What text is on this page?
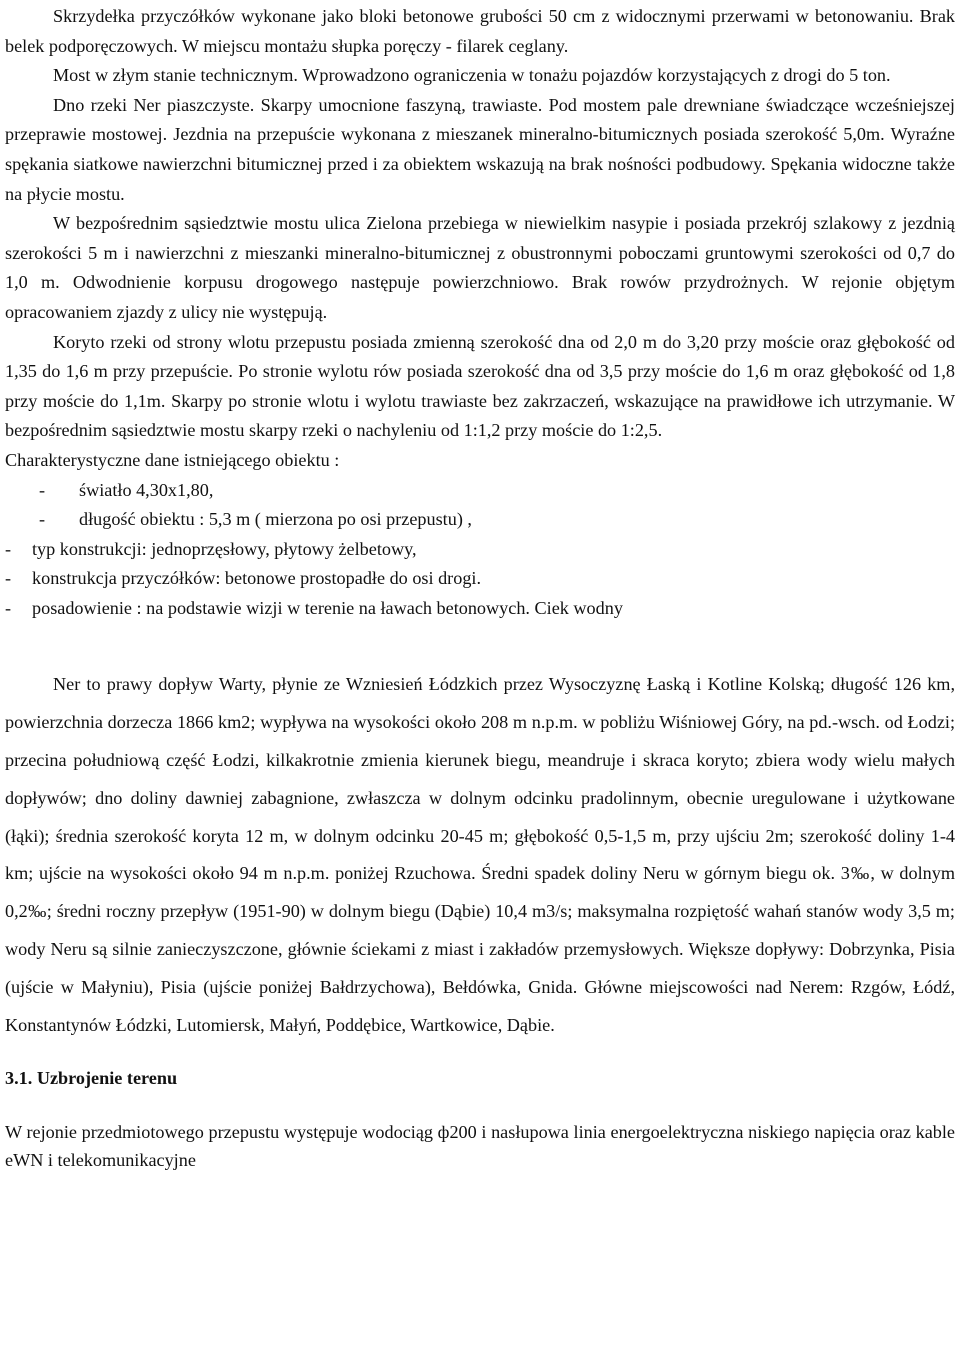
Skrzydełka przyczółków wykonane jako bloki betonowe grubości 50 cm z widocznymi przerwami w betonowaniu. Brak belek podporęczowych. W miejscu montażu słupka poręczy - filarek ceglany.

Most w złym stanie technicznym. Wprowadzono ograniczenia w tonażu pojazdów korzystających z drogi do 5 ton.

Dno rzeki Ner piaszczyste. Skarpy umocnione faszyną, trawiaste. Pod mostem pale drewniane świadczące wcześniejszej przeprawie mostowej. Jezdnia na przepuście wykonana z mieszanek mineralno-bitumicznych posiada szerokość 5,0m. Wyraźne spękania siatkowe nawierzchni bitumicznej przed i za obiektem wskazują na brak nośności podbudowy. Spękania widoczne także na płycie mostu.

W bezpośrednim sąsiedztwie mostu ulica Zielona przebiega w niewielkim nasypie i posiada przekrój szlakowy z jezdnią szerokości 5 m i nawierzchni z mieszanki mineralno-bitumicznej z obustronnymi poboczami gruntowymi szerokości od 0,7 do 1,0 m. Odwodnienie korpusu drogowego następuje powierzchniowo. Brak rowów przydrożnych. W rejonie objętym opracowaniem zjazdy z ulicy nie występują.

Koryto rzeki od strony wlotu przepustu posiada zmienną szerokość dna od 2,0 m do 3,20 przy moście oraz głębokość od 1,35 do 1,6 m przy przepuście. Po stronie wylotu rów posiada szerokość dna od 3,5 przy moście do 1,6 m oraz głębokość od 1,8 przy moście do 1,1m. Skarpy po stronie wlotu i wylotu trawiaste bez zakrzaczeń, wskazujące na prawidłowe ich utrzymanie. W bezpośrednim sąsiedztwie mostu skarpy rzeki o nachyleniu od 1:1,2 przy moście do 1:2,5.

Charakterystyczne dane istniejącego obiektu :

- światło 4,30x1,80,
- długość obiektu : 5,3 m ( mierzona po osi przepustu) ,
- typ konstrukcji: jednoprzęsłowy, płytowy żelbetowy,
- konstrukcja przyczółków: betonowe prostopadłe do osi drogi.
- posadowienie : na podstawie wizji w terenie na ławach betonowych. Ciek wodny

Ner to prawy dopływ Warty, płynie ze Wzniesień Łódzkich przez Wysoczyznę Łaską i Kotline Kolską; długość 126 km, powierzchnia dorzecza 1866 km2; wypływa na wysokości około 208 m n.p.m. w pobliżu Wiśniowej Góry, na pd.-wsch. od Łodzi; przecina południową część Łodzi, kilkakrotnie zmienia kierunek biegu, meandruje i skraca koryto; zbiera wody wielu małych dopływów; dno doliny dawniej zabagnione, zwłaszcza w dolnym odcinku pradolinnym, obecnie uregulowane i użytkowane (łąki); średnia szerokość koryta 12 m, w dolnym odcinku 20-45 m; głębokość 0,5-1,5 m, przy ujściu 2m; szerokość doliny 1-4 km; ujście na wysokości około 94 m n.p.m. poniżej Rzuchowa. Średni spadek doliny Neru w górnym biegu ok. 3‰, w dolnym 0,2‰; średni roczny przepływ (1951-90) w dolnym biegu (Dąbie) 10,4 m3/s; maksymalna rozpiętość wahań stanów wody 3,5 m; wody Neru są silnie zanieczyszczone, głównie ściekami z miast i zakładów przemysłowych. Większe dopływy: Dobrzynka, Pisia (ujście w Małyniu), Pisia (ujście poniżej Bałdrzychowa), Bełdówka, Gnida. Główne miejscowości nad Nerem: Rzgów, Łódź, Konstantynów Łódzki, Lutomiersk, Małyń, Poddębice, Wartkowice, Dąbie.

3.1. Uzbrojenie terenu

W rejonie przedmiotowego przepustu występuje wodociąg ф200 i nasłupowa linia energoelektryczna niskiego napięcia oraz kable eWN i telekomunikacyjne
